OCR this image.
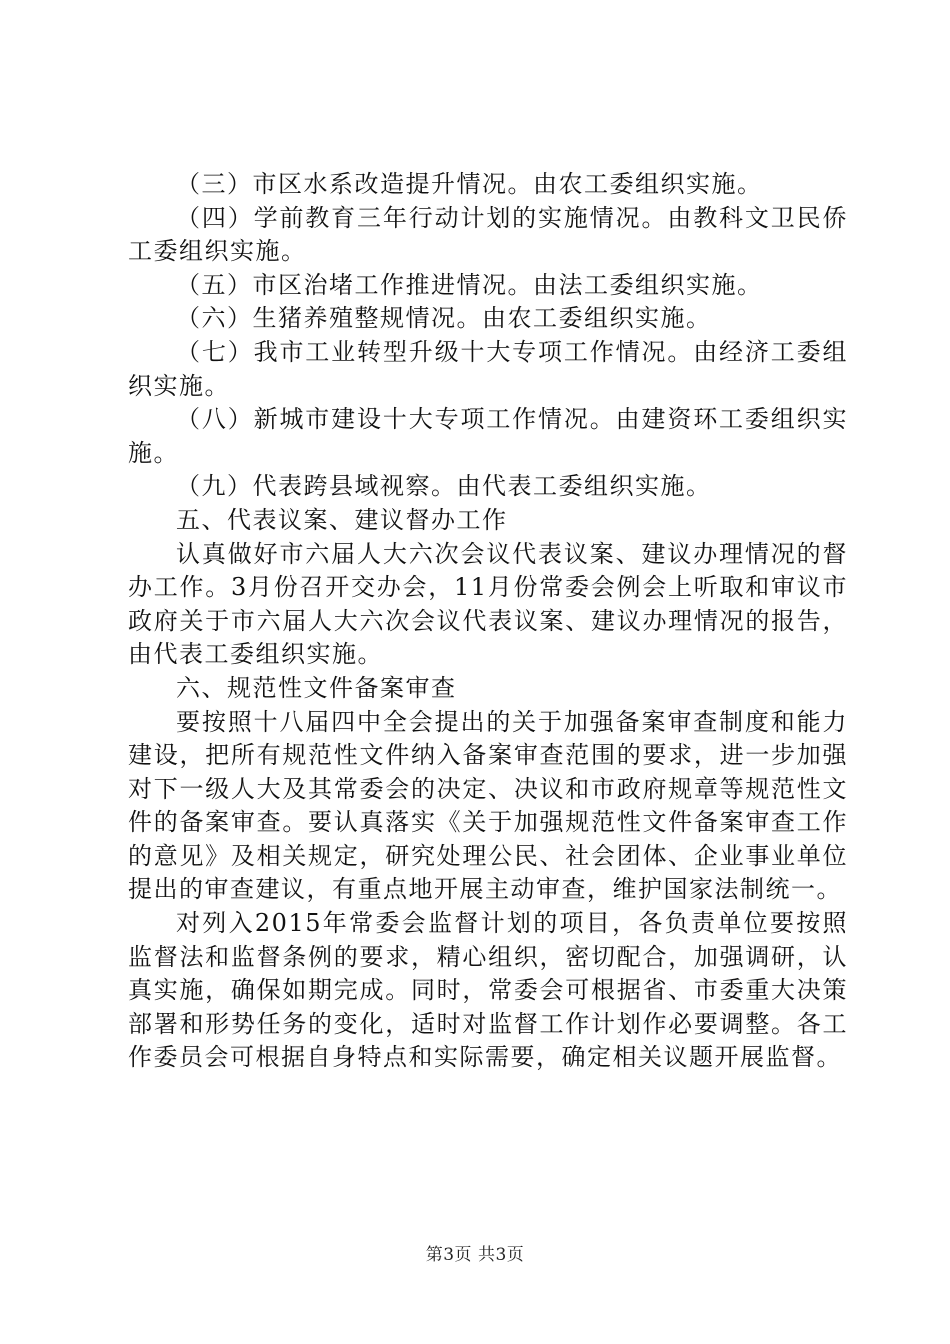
（三）市区水系改造提升情况。由农工委组织实施。

（四）学前教育三年行动计划的实施情况。由教科文卫民侨工委组织实施。

（五）市区治堵工作推进情况。由法工委组织实施。

（六）生猪养殖整规情况。由农工委组织实施。

（七）我市工业转型升级十大专项工作情况。由经济工委组织实施。

（八）新城市建设十大专项工作情况。由建资环工委组织实施。

（九）代表跨县域视察。由代表工委组织实施。

五、代表议案、建议督办工作

认真做好市六届人大六次会议代表议案、建议办理情况的督办工作。3月份召开交办会，11月份常委会例会上听取和审议市政府关于市六届人大六次会议代表议案、建议办理情况的报告，由代表工委组织实施。

六、规范性文件备案审查

要按照十八届四中全会提出的关于加强备案审查制度和能力建设，把所有规范性文件纳入备案审查范围的要求，进一步加强对下一级人大及其常委会的决定、决议和市政府规章等规范性文件的备案审查。要认真落实《关于加强规范性文件备案审查工作的意见》及相关规定，研究处理公民、社会团体、企业事业单位提出的审查建议，有重点地开展主动审查，维护国家法制统一。

对列入2015年常委会监督计划的项目，各负责单位要按照监督法和监督条例的要求，精心组织，密切配合，加强调研，认真实施，确保如期完成。同时，常委会可根据省、市委重大决策部署和形势任务的变化，适时对监督工作计划作必要调整。各工作委员会可根据自身特点和实际需要，确定相关议题开展监督。

第3页 共3页
